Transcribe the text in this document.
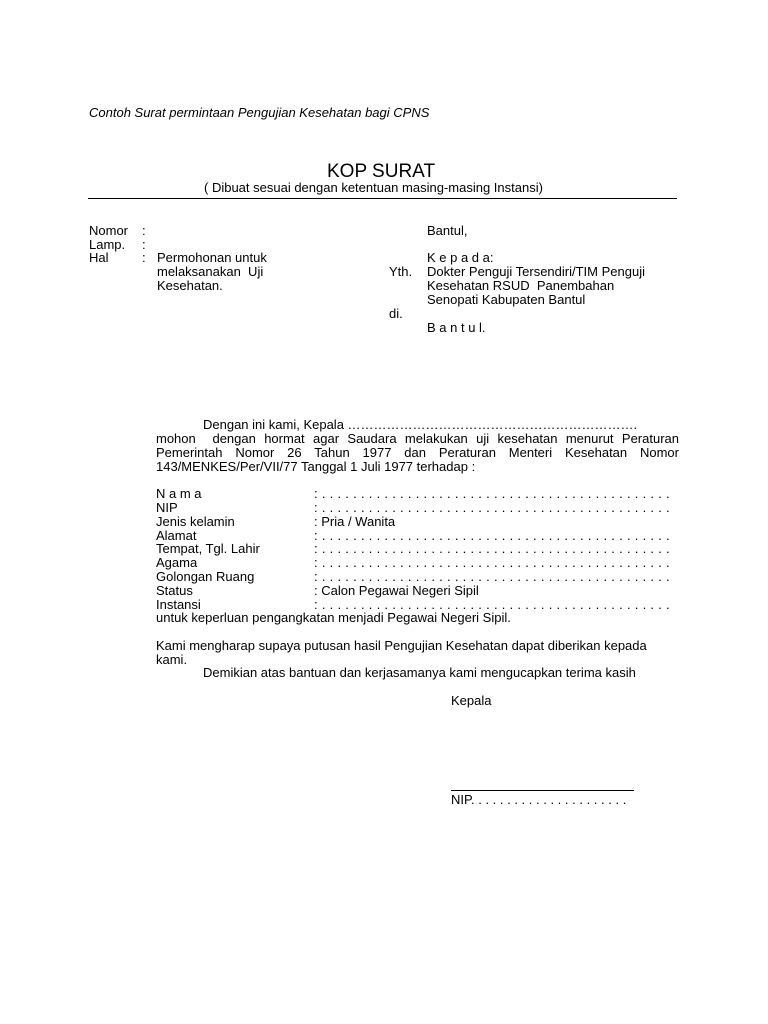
Contoh Surat permintaan Pengujian Kesehatan bagi CPNS
KOP SURAT
( Dibuat sesuai dengan ketentuan masing-masing Instansi)
Nomor :
Lamp. :
Hal	: Permohonan untuk
melaksanakan  Uji
Kesehatan.
Bantul,
K e p a d a:
Yth. Dokter Penguji Tersendiri/TIM Penguji
Kesehatan RSUD  Panembahan
Senopati Kabupaten Bantul
di.
B a n t u l.
Dengan ini kami, Kepala ………………………………………………………….
mohon  dengan hormat agar Saudara melakukan uji kesehatan menurut Peraturan
Pemerintah Nomor 26 Tahun 1977 dan Peraturan Menteri Kesehatan Nomor
143/MENKES/Per/VII/77 Tanggal 1 Juli 1977 terhadap :
N a m a	: . . . . . . . . . . . . . . . . . . . . . . . . . . . . . . . . . . . . . . . . . . . . .
NIP	: . . . . . . . . . . . . . . . . . . . . . . . . . . . . . . . . . . . . . . . . . . . . .
Jenis kelamin	: Pria / Wanita
Alamat	: . . . . . . . . . . . . . . . . . . . . . . . . . . . . . . . . . . . . . . . . . . . . .
Tempat, Tgl. Lahir	: . . . . . . . . . . . . . . . . . . . . . . . . . . . . . . . . . . . . . . . . . . . . .
Agama	: . . . . . . . . . . . . . . . . . . . . . . . . . . . . . . . . . . . . . . . . . . . . .
Golongan Ruang	: . . . . . . . . . . . . . . . . . . . . . . . . . . . . . . . . . . . . . . . . . . . . .
Status	: Calon Pegawai Negeri Sipil
Instansi	: . . . . . . . . . . . . . . . . . . . . . . . . . . . . . . . . . . . . . . . . . . . . .
untuk keperluan pengangkatan menjadi Pegawai Negeri Sipil.
Kami mengharap supaya putusan hasil Pengujian Kesehatan dapat diberikan kepada
kami.
Demikian atas bantuan dan kerjasamanya kami mengucapkan terima kasih
Kepala
NIP. . . . . . . . . . . . . . . . . . . . . .
